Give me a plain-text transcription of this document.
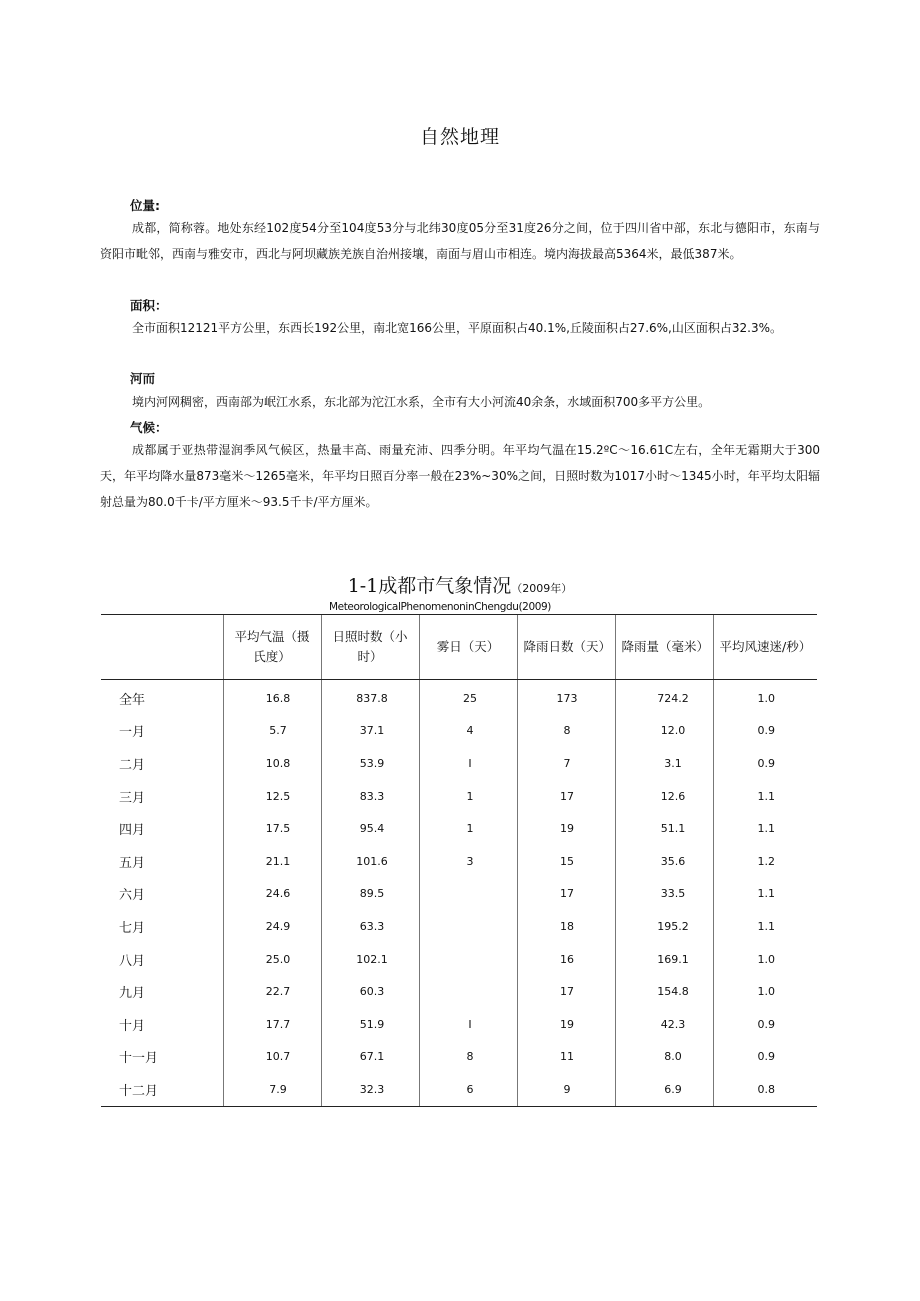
自然地理
位量:
成都，简称蓉。地处东经102度54分至104度53分与北纬30度05分至31度26分之间，位于四川省中部，东北与德阳市，东南与资阳市毗邻，西南与雅安市，西北与阿坝藏族羌族自治州接壤，南面与眉山市相连。境内海拔最高5364米，最低387米。
面积：
全市面积12121平方公里，东西长192公里，南北宽166公里，平原面积占40.1%,丘陵面积占27.6%,山区面积占32.3%。
河而
境内河网稠密，西南部为岷江水系，东北部为沱江水系，全市有大小河流40余条，水域面积700多平方公里。
气候：
成都属于亚热带湿润季风气候区，热量丰高、雨量充沛、四季分明。年平均气温在15.2ºC～16.61C左右，全年无霜期大于300天，年平均降水量873毫米～1265毫米，年平均日照百分率一般在23%~30%之间，日照时数为1017小时～1345小时，年平均太阳辐射总量为80.0千卡/平方厘米～93.5千卡/平方厘米。
1-1成都市气象情况（2009年）
MeteorologicalPhenomenoninChengdu(2009)
	平均气温（摄氏度）	日照时数（小时）	雾日（天）	降雨日数（天）	降雨量（毫米）	平均风速迷/秒）
全年	16.8	837.8	25	173	724.2	1.0
一月	5.7	37.1	4	8	12.0	0.9
二月	10.8	53.9	I	7	3.1	0.9
三月	12.5	83.3	1	17	12.6	1.1
四月	17.5	95.4	1	19	51.1	1.1
五月	21.1	101.6	3	15	35.6	1.2
六月	24.6	89.5		17	33.5	1.1
七月	24.9	63.3		18	195.2	1.1
八月	25.0	102.1		16	169.1	1.0
九月	22.7	60.3		17	154.8	1.0
十月	17.7	51.9	I	19	42.3	0.9
十一月	10.7	67.1	8	11	8.0	0.9
十二月	7.9	32.3	6	9	6.9	0.8
